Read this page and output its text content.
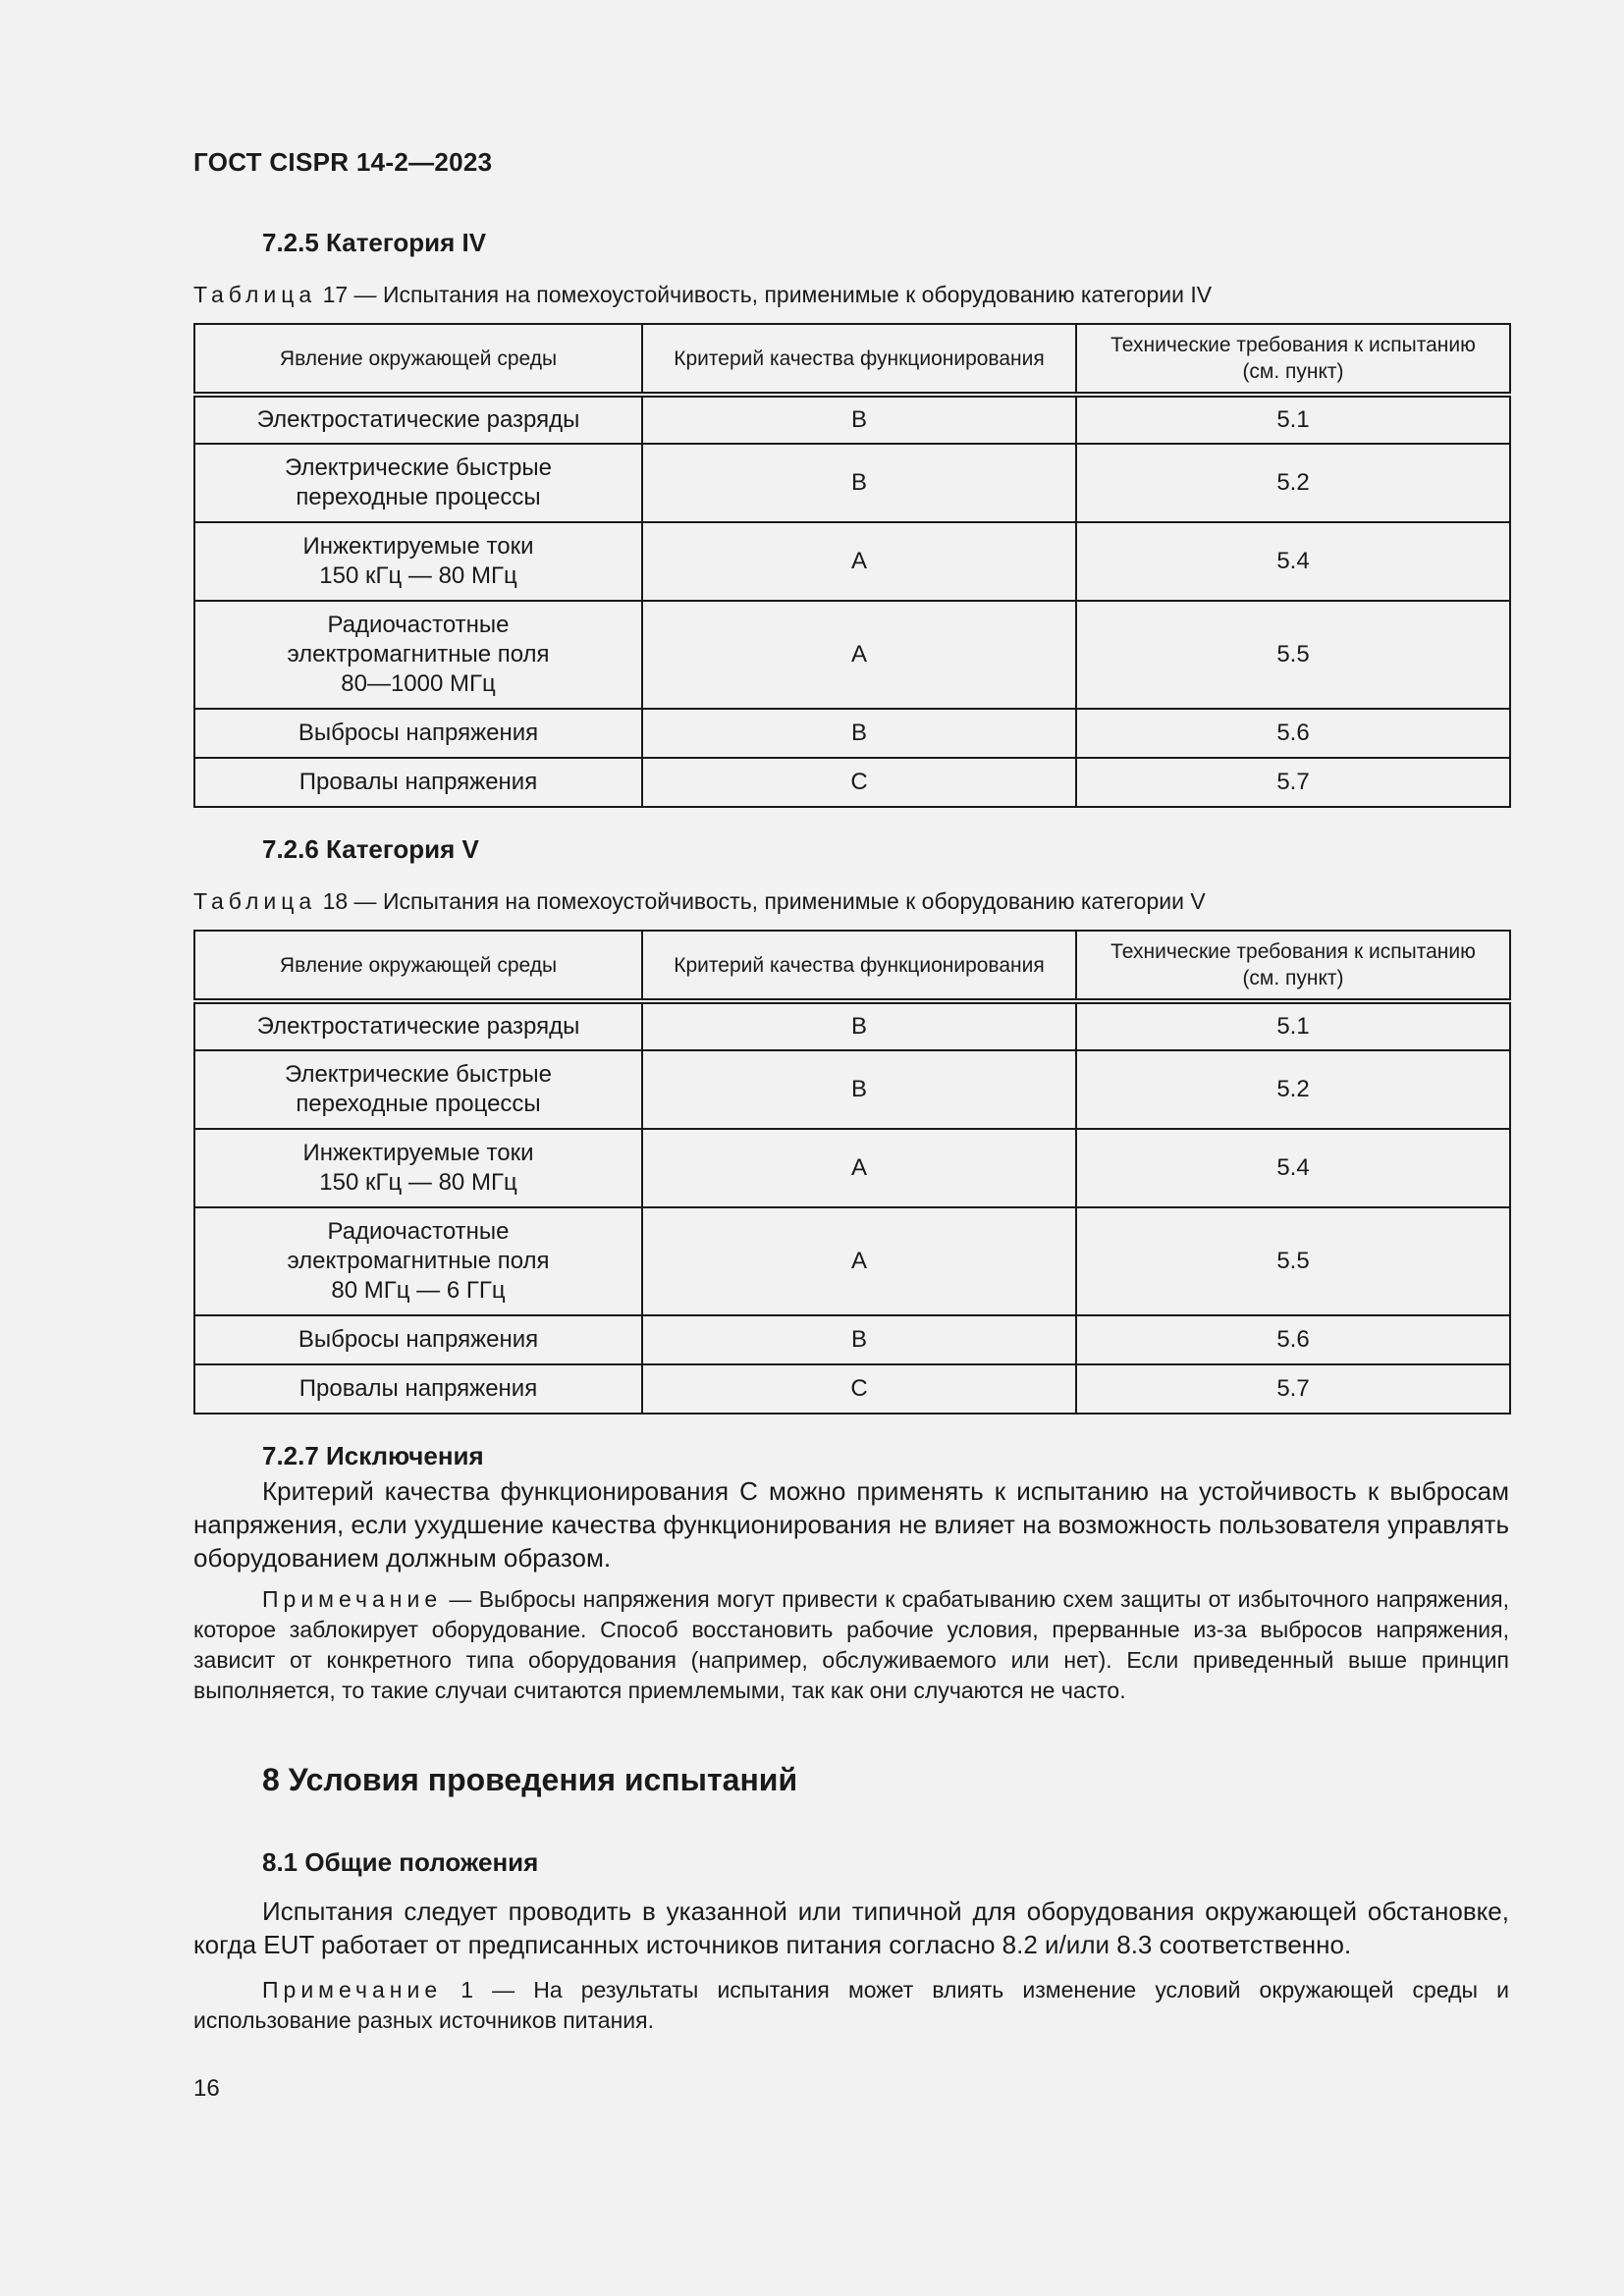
ГОСТ CISPR 14-2—2023
7.2.5 Категория IV
Таблица 17 — Испытания на помехоустойчивость, применимые к оборудованию категории IV
Явление окружающей среды	Критерий качества функционирования	Технические требования к испытанию
(см. пункт)
Электростатические разряды	B	5.1
Электрические быстрые
переходные процессы	B	5.2
Инжектируемые токи
150 кГц — 80 МГц	A	5.4
Радиочастотные
электромагнитные поля
80—1000 МГц	A	5.5
Выбросы напряжения	B	5.6
Провалы напряжения	C	5.7
7.2.6 Категория V
Таблица 18 — Испытания на помехоустойчивость, применимые к оборудованию категории V
Явление окружающей среды	Критерий качества функционирования	Технические требования к испытанию
(см. пункт)
Электростатические разряды	B	5.1
Электрические быстрые
переходные процессы	B	5.2
Инжектируемые токи
150 кГц — 80 МГц	A	5.4
Радиочастотные
электромагнитные поля
80 МГц — 6 ГГц	A	5.5
Выбросы напряжения	B	5.6
Провалы напряжения	C	5.7
7.2.7 Исключения
Критерий качества функционирования С можно применять к испытанию на устойчивость к выбросам напряжения, если ухудшение качества функционирования не влияет на возможность пользователя управлять оборудованием должным образом.
Примечание — Выбросы напряжения могут привести к срабатыванию схем защиты от избыточного напряжения, которое заблокирует оборудование. Способ восстановить рабочие условия, прерванные из-за выбросов напряжения, зависит от конкретного типа оборудования (например, обслуживаемого или нет). Если приведенный выше принцип выполняется, то такие случаи считаются приемлемыми, так как они случаются не часто.
8 Условия проведения испытаний
8.1 Общие положения
Испытания следует проводить в указанной или типичной для оборудования окружающей обстановке, когда EUT работает от предписанных источников питания согласно 8.2 и/или 8.3 соответственно.
Примечание 1 — На результаты испытания может влиять изменение условий окружающей среды и использование разных источников питания.
16
